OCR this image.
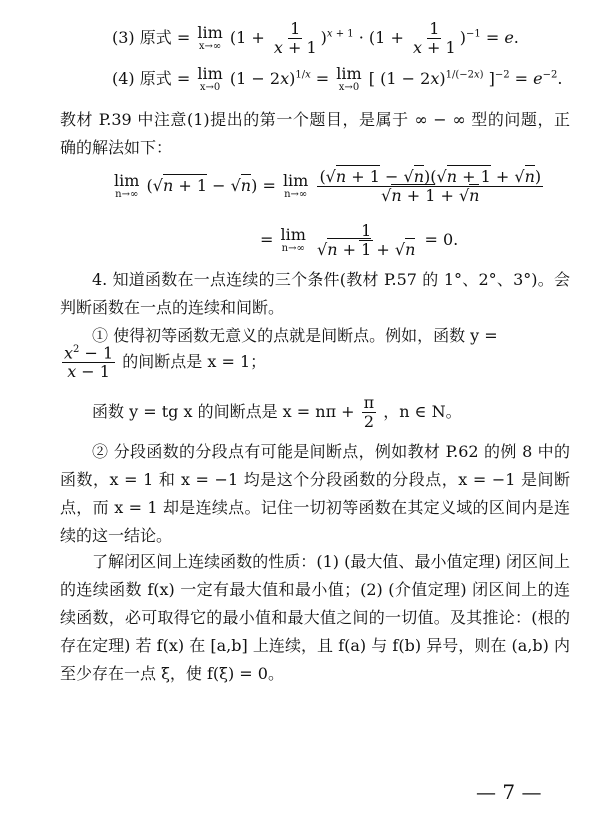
(3) 原式 = lim
x→∞ $(1 + \frac{1}{x + 1} )^{x + 1} \cdot (1 + \frac{1}{x + 1} )^{-1} = e$.
(4) 原式 = lim
x→0 $(1 - 2x)^{1/x} = \lim$
x→0 [ $(1 - 2x)^{1/(-2x)}$ ]$^{-2} = e^{-2}$.
教材 P.39 中注意(1)提出的第一个题目，是属于 ∞ − ∞ 型的问题，正确的解法如下：
lim
n→∞ (√n + 1 − √n) = lim
n→∞
$\frac{(√n + 1 - √n)(√n + 1 + √n)}{√n + 1 + √n}$
= lim
n→∞
$\frac{1}{√n + 1 + √n} = 0$.
4. 知道函数在一点连续的三个条件(教材 P.57 的 1°、2°、3°)。会判断函数在一点的连续和间断。
① 使得初等函数无意义的点就是间断点。例如，函数 y =
$\frac{x^2 - 1}{x - 1}$ 的间断点是 x = 1；
函数 y = tg x 的间断点是 $x = n\pi + \frac{\pi}{2}$ ，n ∈ N。
② 分段函数的分段点有可能是间断点，例如教材 P.62 的例 8 中的函数，x = 1 和 x = −1 均是这个分段函数的分段点，x = −1 是间断点，而 x = 1 却是连续点。记住一切初等函数在其定义域的区间内是连续的这一结论。
了解闭区间上连续函数的性质：(1) (最大值、最小值定理) 闭区间上的连续函数 f(x) 一定有最大值和最小值；(2) (介值定理) 闭区间上的连续函数，必可取得它的最小值和最大值之间的一切值。及其推论：(根的存在定理) 若 f(x) 在 [a,b] 上连续，且 f(a) 与 f(b) 异号，则在 (a,b) 内至少存在一点 ξ，使 f(ξ) = 0。
— 7 —
